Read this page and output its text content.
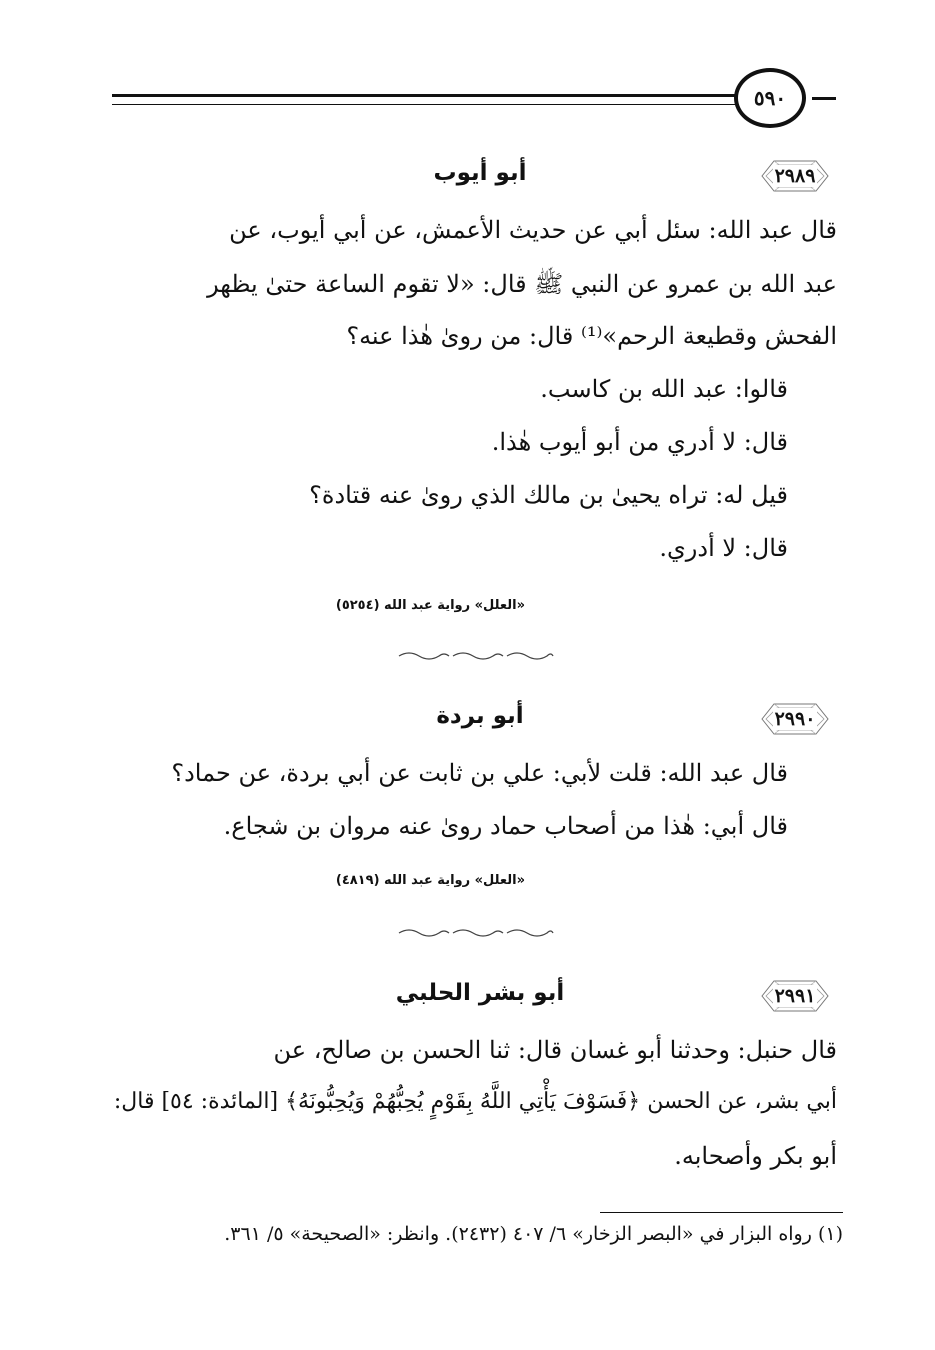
٥٩٠
٢٩٨٩
أبو أيوب
قال عبد الله: سئل أبي عن حديث الأعمش، عن أبي أيوب، عن
عبد الله بن عمرو عن النبي ﷺ قال: «لا تقوم الساعة حتىٰ يظهر
الفحش وقطيعة الرحم»⁽¹⁾ قال: من روىٰ هٰذا عنه؟
قالوا: عبد الله بن كاسب.
قال: لا أدري من أبو أيوب هٰذا.
قيل له: تراه يحيىٰ بن مالك الذي روىٰ عنه قتادة؟
قال: لا أدري.
«العلل» رواية عبد الله (٥٢٥٤)
٢٩٩٠
أبو بردة
قال عبد الله: قلت لأبي: علي بن ثابت عن أبي بردة، عن حماد؟
قال أبي: هٰذا من أصحاب حماد روىٰ عنه مروان بن شجاع.
«العلل» رواية عبد الله (٤٨١٩)
٢٩٩١
أبو بشر الحلبي
قال حنبل: وحدثنا أبو غسان قال: ثنا الحسن بن صالح، عن
أبي بشر، عن الحسن ﴿فَسَوْفَ يَأْتِي اللَّهُ بِقَوْمٍ يُحِبُّهُمْ وَيُحِبُّونَهُ﴾ [المائدة: ٥٤] قال:
أبو بكر وأصحابه.
(١) رواه البزار في «البصر الزخار» ٦/ ٤٠٧ (٢٤٣٢). وانظر: «الصحيحة» ٥/ ٣٦١.
